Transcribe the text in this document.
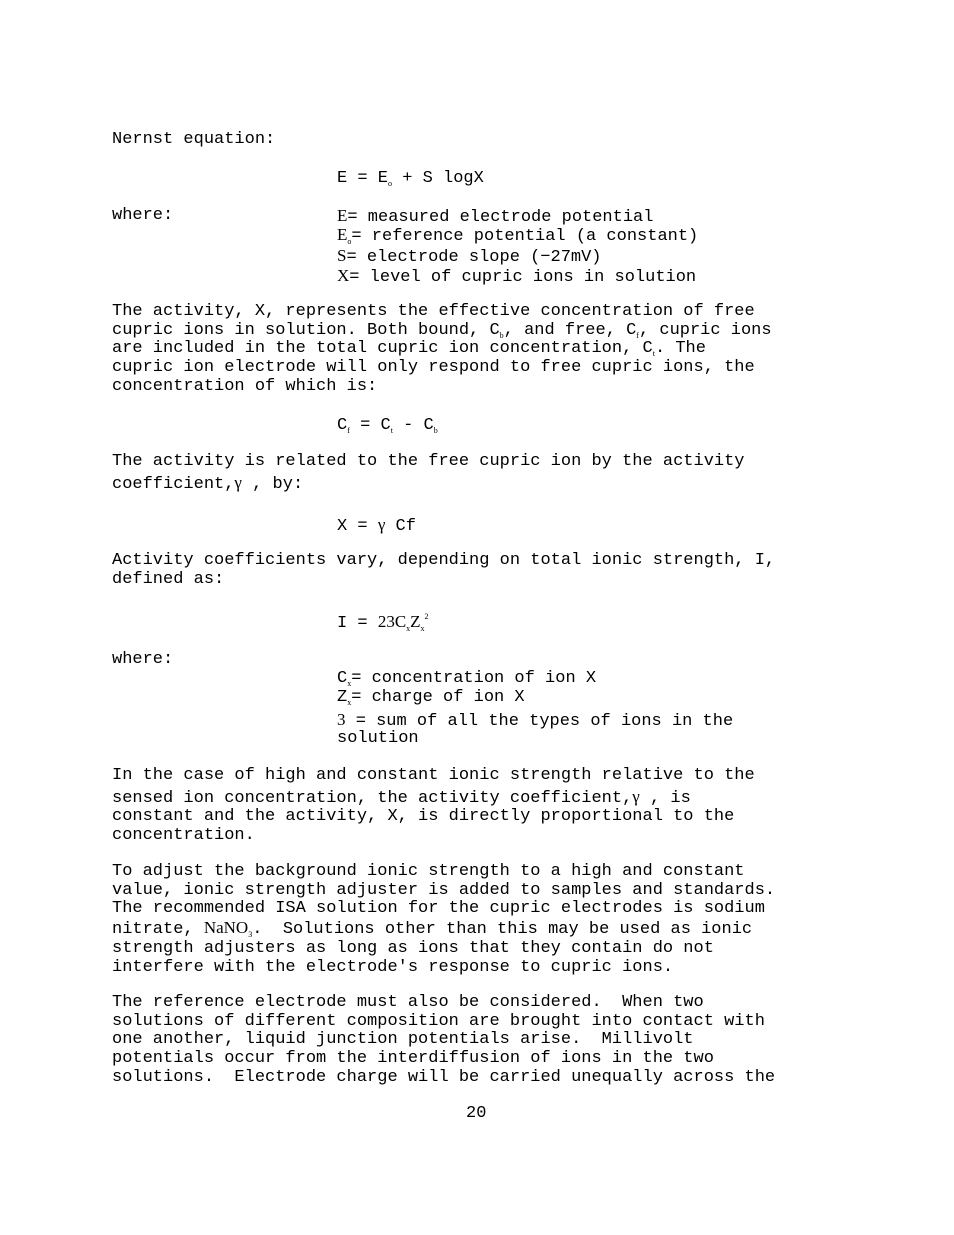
Nernst equation:
$E = E_o + S$ logX
where:	E= measured electrode potential
$E_o=$ reference potential (a constant)
S= electrode slope (−27mV)
X= level of cupric ions in solution
The activity, X, represents the effective concentration of free
cupric ions in solution. Both bound, $C_b$, and free, $C_f$, cupric ions
are included in the total cupric ion concentration, $C_t$. The
cupric ion electrode will only respond to free cupric ions, the
concentration of which is:
$C_f = C_t - C_b$
The activity is related to the free cupric ion by the activity
coefficient,γ , by:
X = γ Cf
Activity coefficients vary, depending on total ionic strength, I,
defined as:
$I = 23C_xZ_x^2$
where:
$C_x=$ concentration of ion X
$Z_x=$ charge of ion X
3 = sum of all the types of ions in the
solution
In the case of high and constant ionic strength relative to the
sensed ion concentration, the activity coefficient,γ , is
constant and the activity, X, is directly proportional to the
concentration.
To adjust the background ionic strength to a high and constant
value, ionic strength adjuster is added to samples and standards.
The recommended ISA solution for the cupric electrodes is sodium
nitrate, NaNO$_3$.  Solutions other than this may be used as ionic
strength adjusters as long as ions that they contain do not
interfere with the electrode's response to cupric ions.
The reference electrode must also be considered.  When two
solutions of different composition are brought into contact with
one another, liquid junction potentials arise.  Millivolt
potentials occur from the interdiffusion of ions in the two
solutions.  Electrode charge will be carried unequally across the
20
